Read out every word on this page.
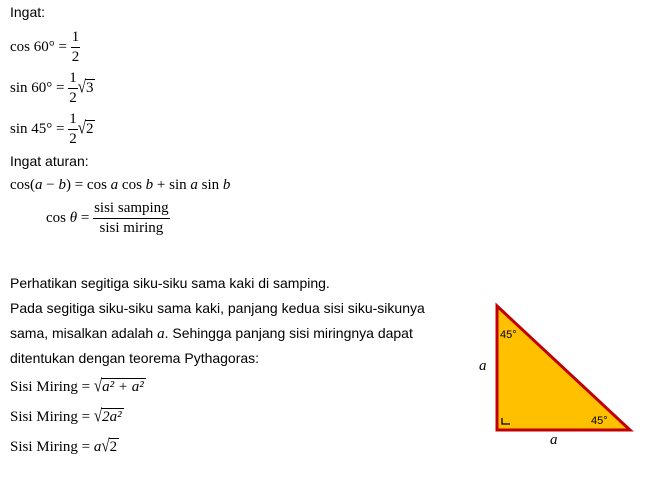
Ingat:
$\cos 60^\circ = \frac{1}{2}$
$\sin 60^\circ = \frac{1}{2} √3$
$\sin 45^\circ = \frac{1}{2} √2$
Ingat aturan:
cos(a − b) = cos a cos b + sin a sin b
$\cos \theta = \frac{\text{sisi samping}}{\text{sisi miring}}$
Perhatikan segitiga siku-siku sama kaki di samping.
Pada segitiga siku-siku sama kaki, panjang kedua sisi siku-sikunya
sama, misalkan adalah a. Sehingga panjang sisi miringnya dapat
ditentukan dengan teorema Pythagoras:
Sisi Miring = √a² + a²
Sisi Miring = √2a²
Sisi Miring = a√2
45°
45°
a
a
